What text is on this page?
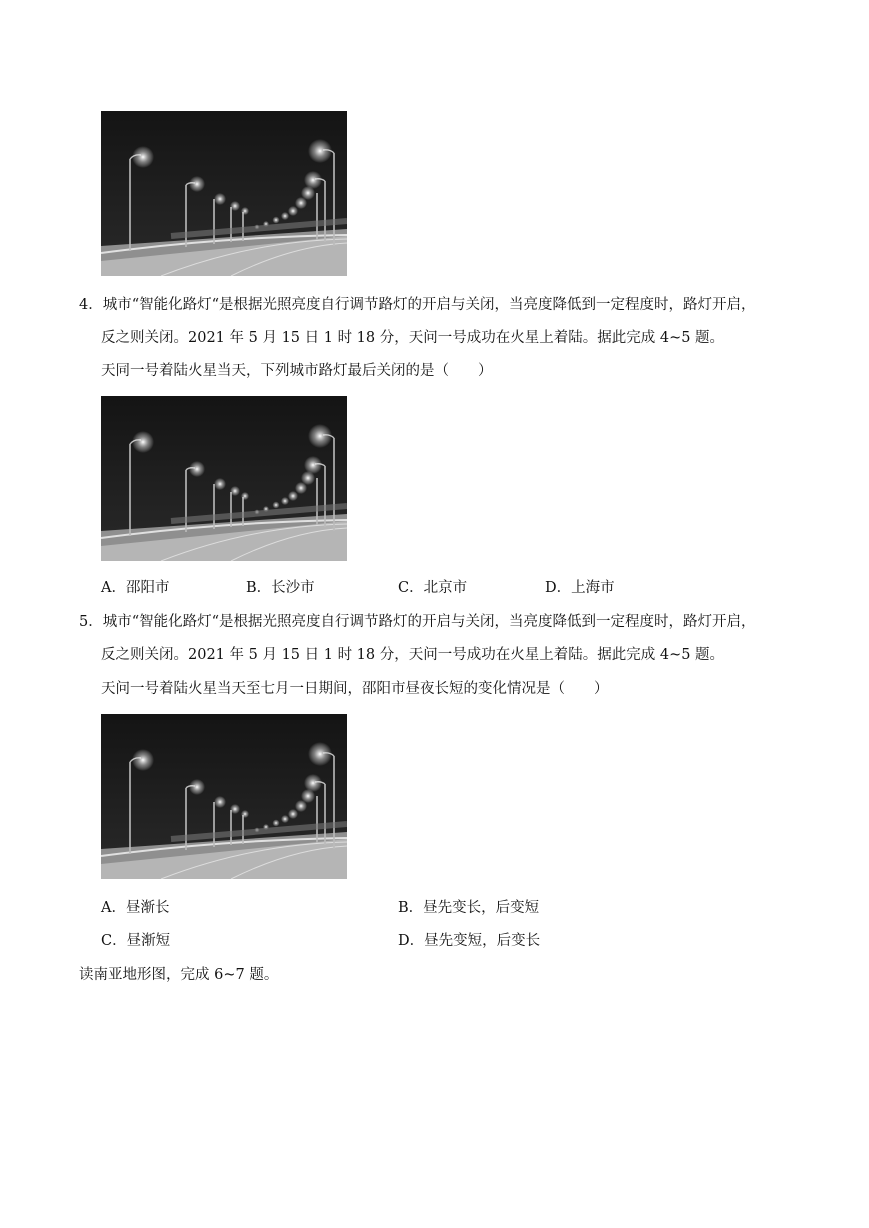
4．城市“智能化路灯“是根据光照亮度自行调节路灯的开启与关闭，当亮度降低到一定程度时，路灯开启，
反之则关闭。2021 年 5 月 15 日 1 时 18 分，天问一号成功在火星上着陆。据此完成 4~5 题。
天同一号着陆火星当天，下列城市路灯最后关闭的是（　　）
A．邵阳市	B．长沙市	C．北京市	D．上海市
5．城市“智能化路灯“是根据光照亮度自行调节路灯的开启与关闭，当亮度降低到一定程度时，路灯开启，
反之则关闭。2021 年 5 月 15 日 1 时 18 分，天问一号成功在火星上着陆。据此完成 4~5 题。
天问一号着陆火星当天至七月一日期间，邵阳市昼夜长短的变化情况是（　　）
A．昼渐长	B．昼先变长，后变短
C．昼渐短	D．昼先变短，后变长
读南亚地形图，完成 6~7 题。
